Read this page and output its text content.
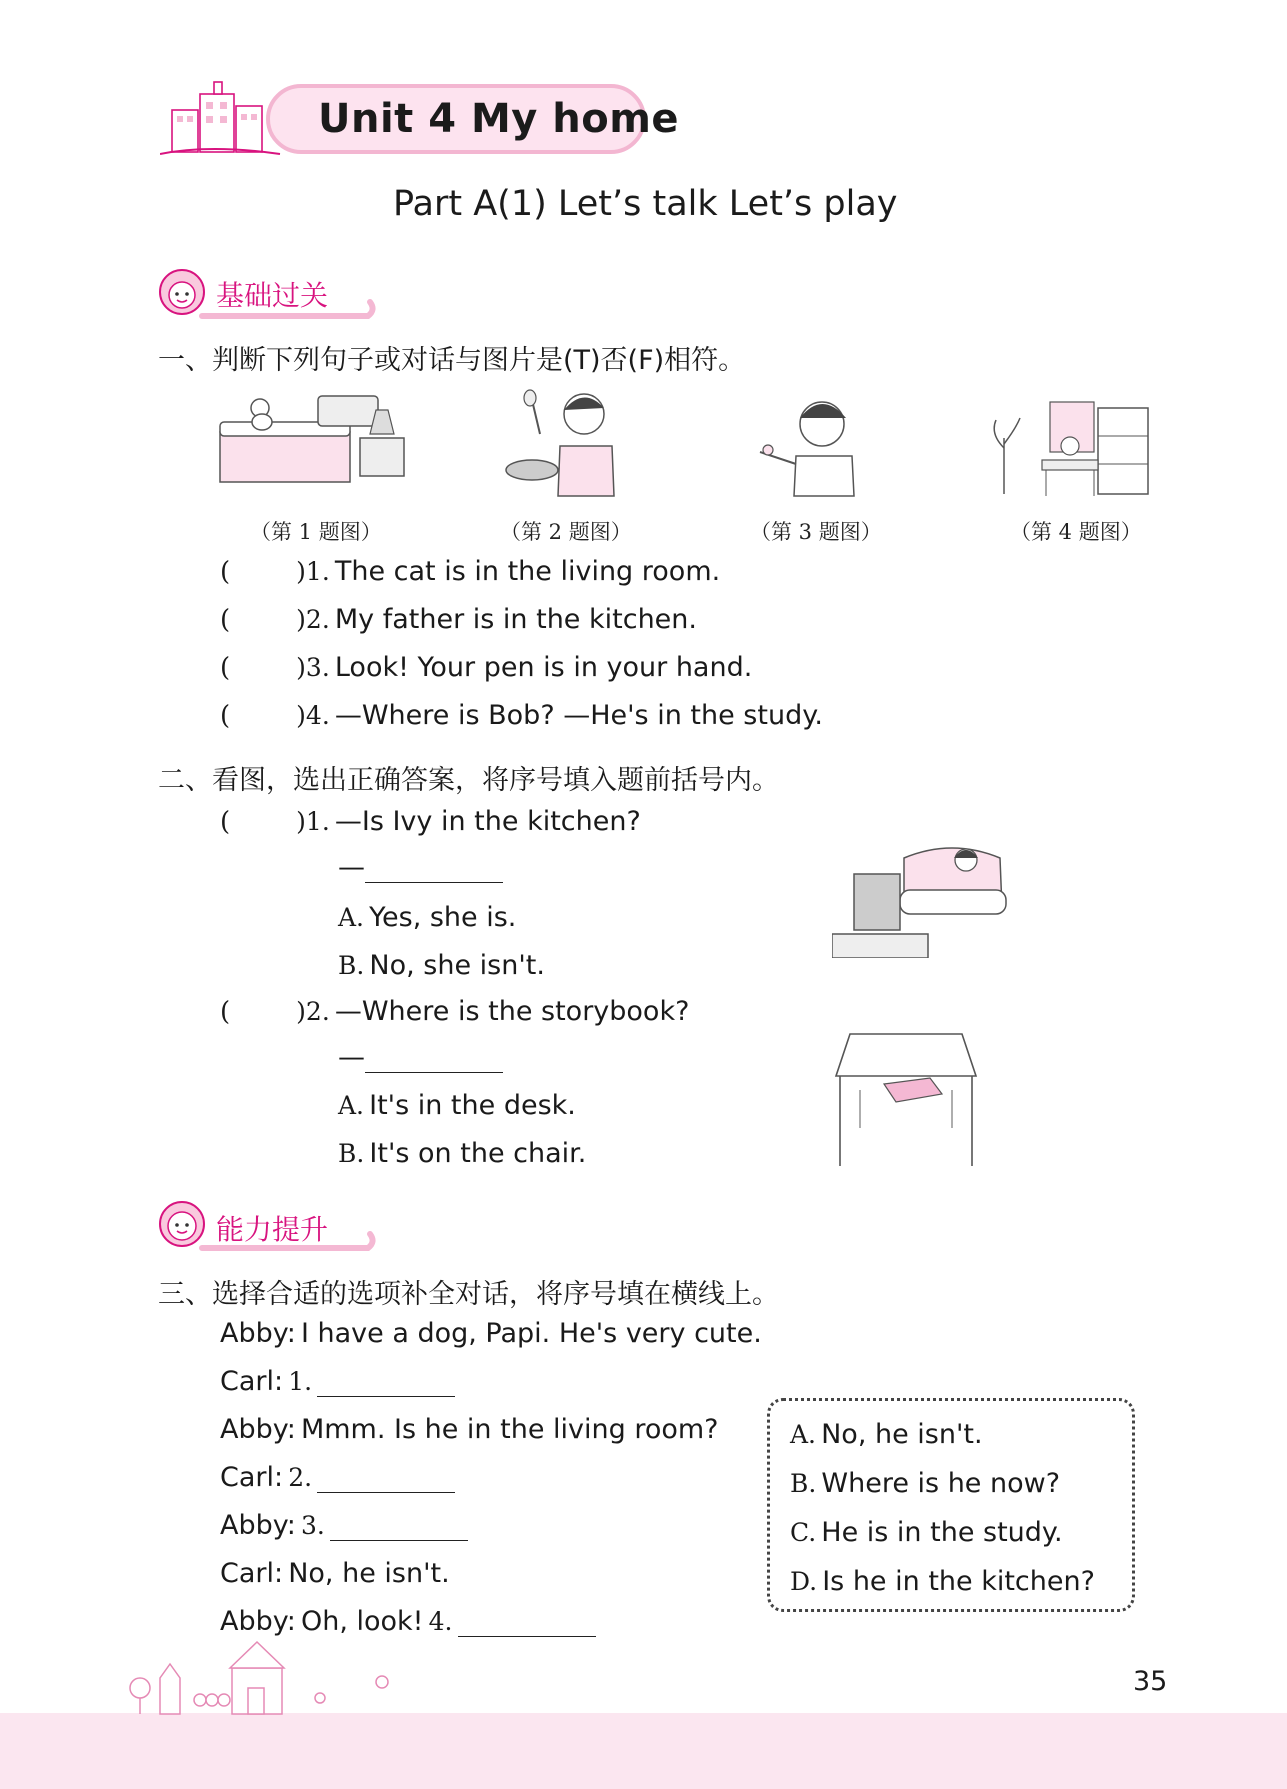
Unit 4 My home
Part A(1) Let’s talk Let’s play
基础过关
一、判断下列句子或对话与图片是(T)否(F)相符。
（第 1 题图）	（第 2 题图）	（第 3 题图）	（第 4 题图）
(	)1. The cat is in the living room.
(	)2. My father is in the kitchen.
(	)3. Look! Your pen is in your hand.
(	)4. —Where is Bob? —He's in the study.
二、看图，选出正确答案，将序号填入题前括号内。
(	)1. —Is Ivy in the kitchen?
—
A. Yes, she is.
B. No, she isn't.
(	)2. —Where is the storybook?
—
A. It's in the desk.
B. It's on the chair.
能力提升
三、选择合适的选项补全对话，将序号填在横线上。
Abby: I have a dog, Papi. He's very cute.
Carl: 1.
Abby: Mmm. Is he in the living room?
Carl: 2.
Abby: 3.
Carl: No, he isn't.
Abby: Oh, look! 4.
A. No, he isn't.
B. Where is he now?
C. He is in the study.
D. Is he in the kitchen?
35
